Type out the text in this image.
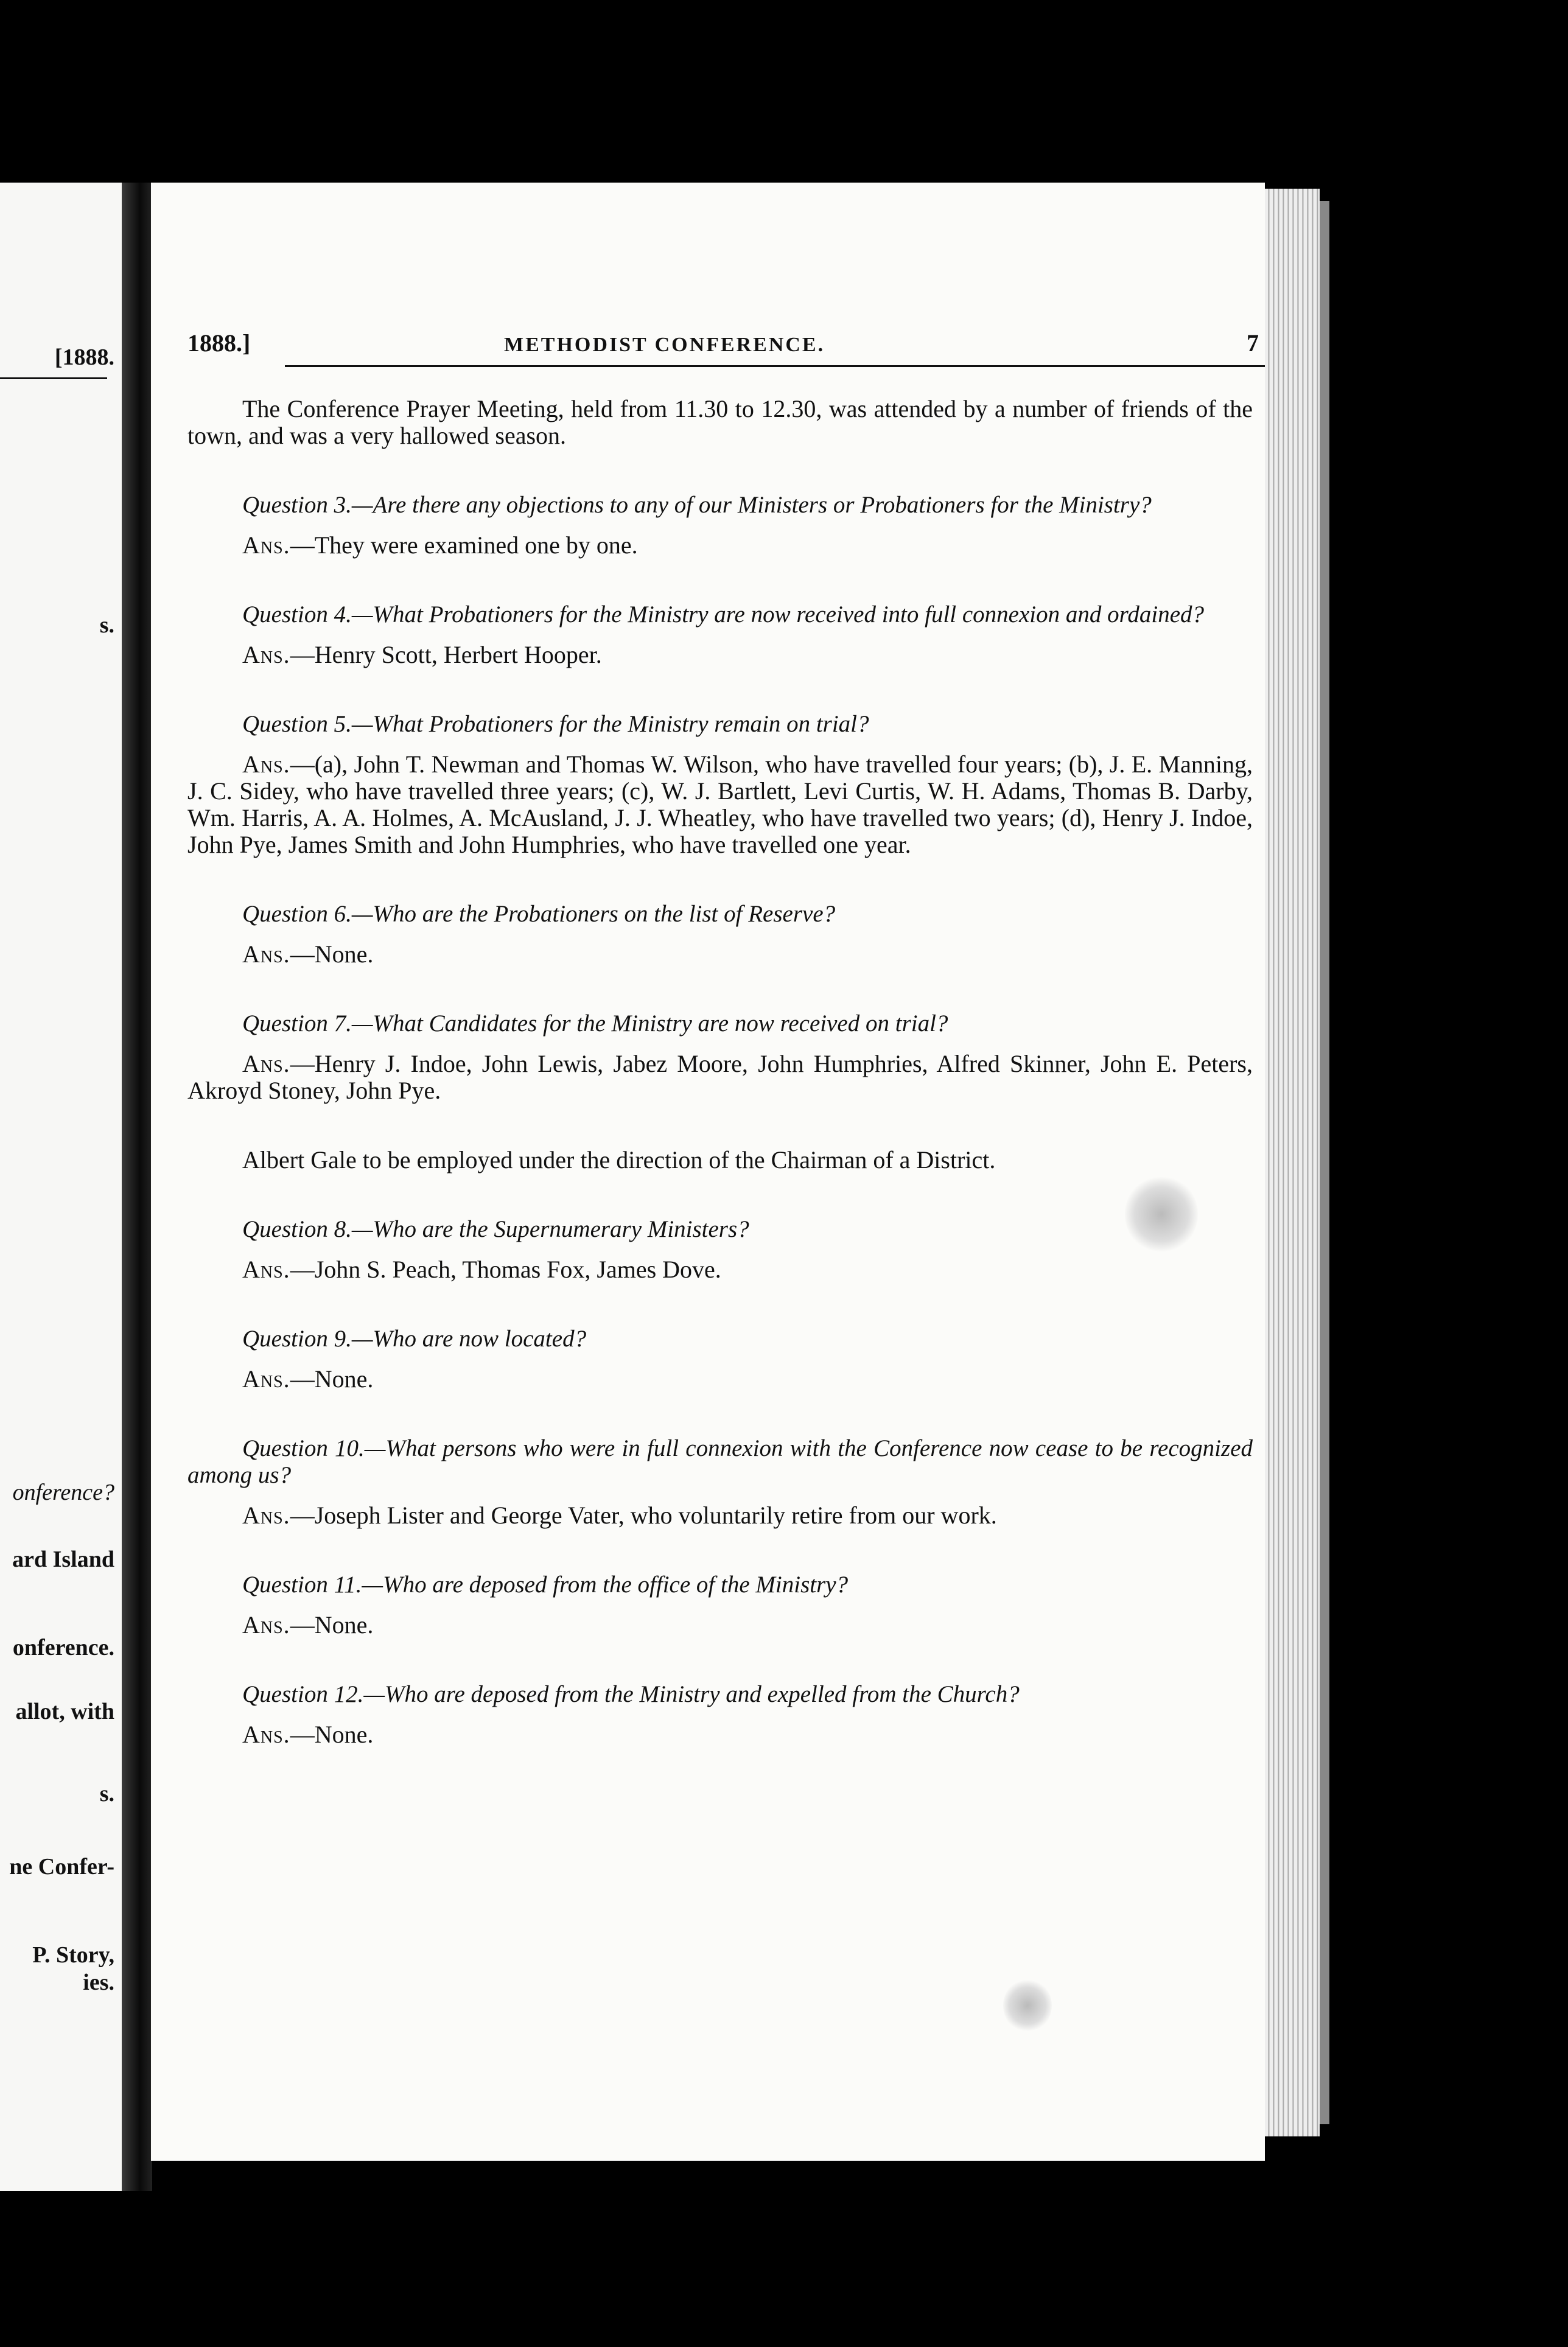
[1888.
s.
onference?
ard Island
onference.
allot, with
s.
ne Confer-
P. Story,
ies.
1888.]	METHODIST CONFERENCE.	7

The Conference Prayer Meeting, held from 11.30 to 12.30, was attended by a number of friends of the town, and was a very hallowed season.

Question 3.—Are there any objections to any of our Ministers or Probationers for the Ministry?

Ans.—They were examined one by one.

Question 4.—What Probationers for the Ministry are now received into full connexion and ordained?

Ans.—Henry Scott, Herbert Hooper.

Question 5.—What Probationers for the Ministry remain on trial?

Ans.—(a), John T. Newman and Thomas W. Wilson, who have travelled four years; (b), J. E. Manning, J. C. Sidey, who have travelled three years; (c), W. J. Bartlett, Levi Curtis, W. H. Adams, Thomas B. Darby, Wm. Harris, A. A. Holmes, A. McAusland, J. J. Wheatley, who have travelled two years; (d), Henry J. Indoe, John Pye, James Smith and John Humphries, who have travelled one year.

Question 6.—Who are the Probationers on the list of Reserve?

Ans.—None.

Question 7.—What Candidates for the Ministry are now received on trial?

Ans.—Henry J. Indoe, John Lewis, Jabez Moore, John Humphries, Alfred Skinner, John E. Peters, Akroyd Stoney, John Pye.

Albert Gale to be employed under the direction of the Chairman of a District.

Question 8.—Who are the Supernumerary Ministers?

Ans.—John S. Peach, Thomas Fox, James Dove.

Question 9.—Who are now located?

Ans.—None.

Question 10.—What persons who were in full connexion with the Conference now cease to be recognized among us?

Ans.—Joseph Lister and George Vater, who voluntarily retire from our work.

Question 11.—Who are deposed from the office of the Ministry?

Ans.—None.

Question 12.—Who are deposed from the Ministry and expelled from the Church?

Ans.—None.
